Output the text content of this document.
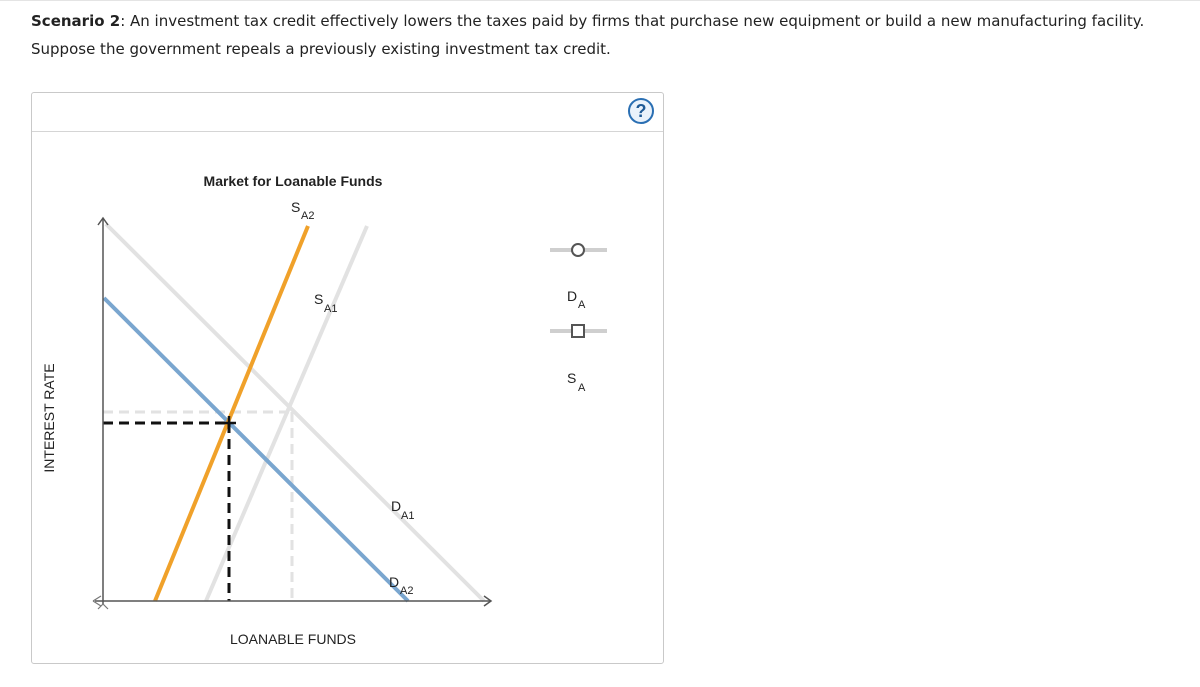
Scenario 2: An investment tax credit effectively lowers the taxes paid by firms that purchase new equipment or build a new manufacturing facility.
Suppose the government repeals a previously existing investment tax credit.
?
Market for Loanable Funds
LOANABLE FUNDS
INTEREST RATE
S
A2
S
A1
D
A1
D
A2
D
A
S
A
